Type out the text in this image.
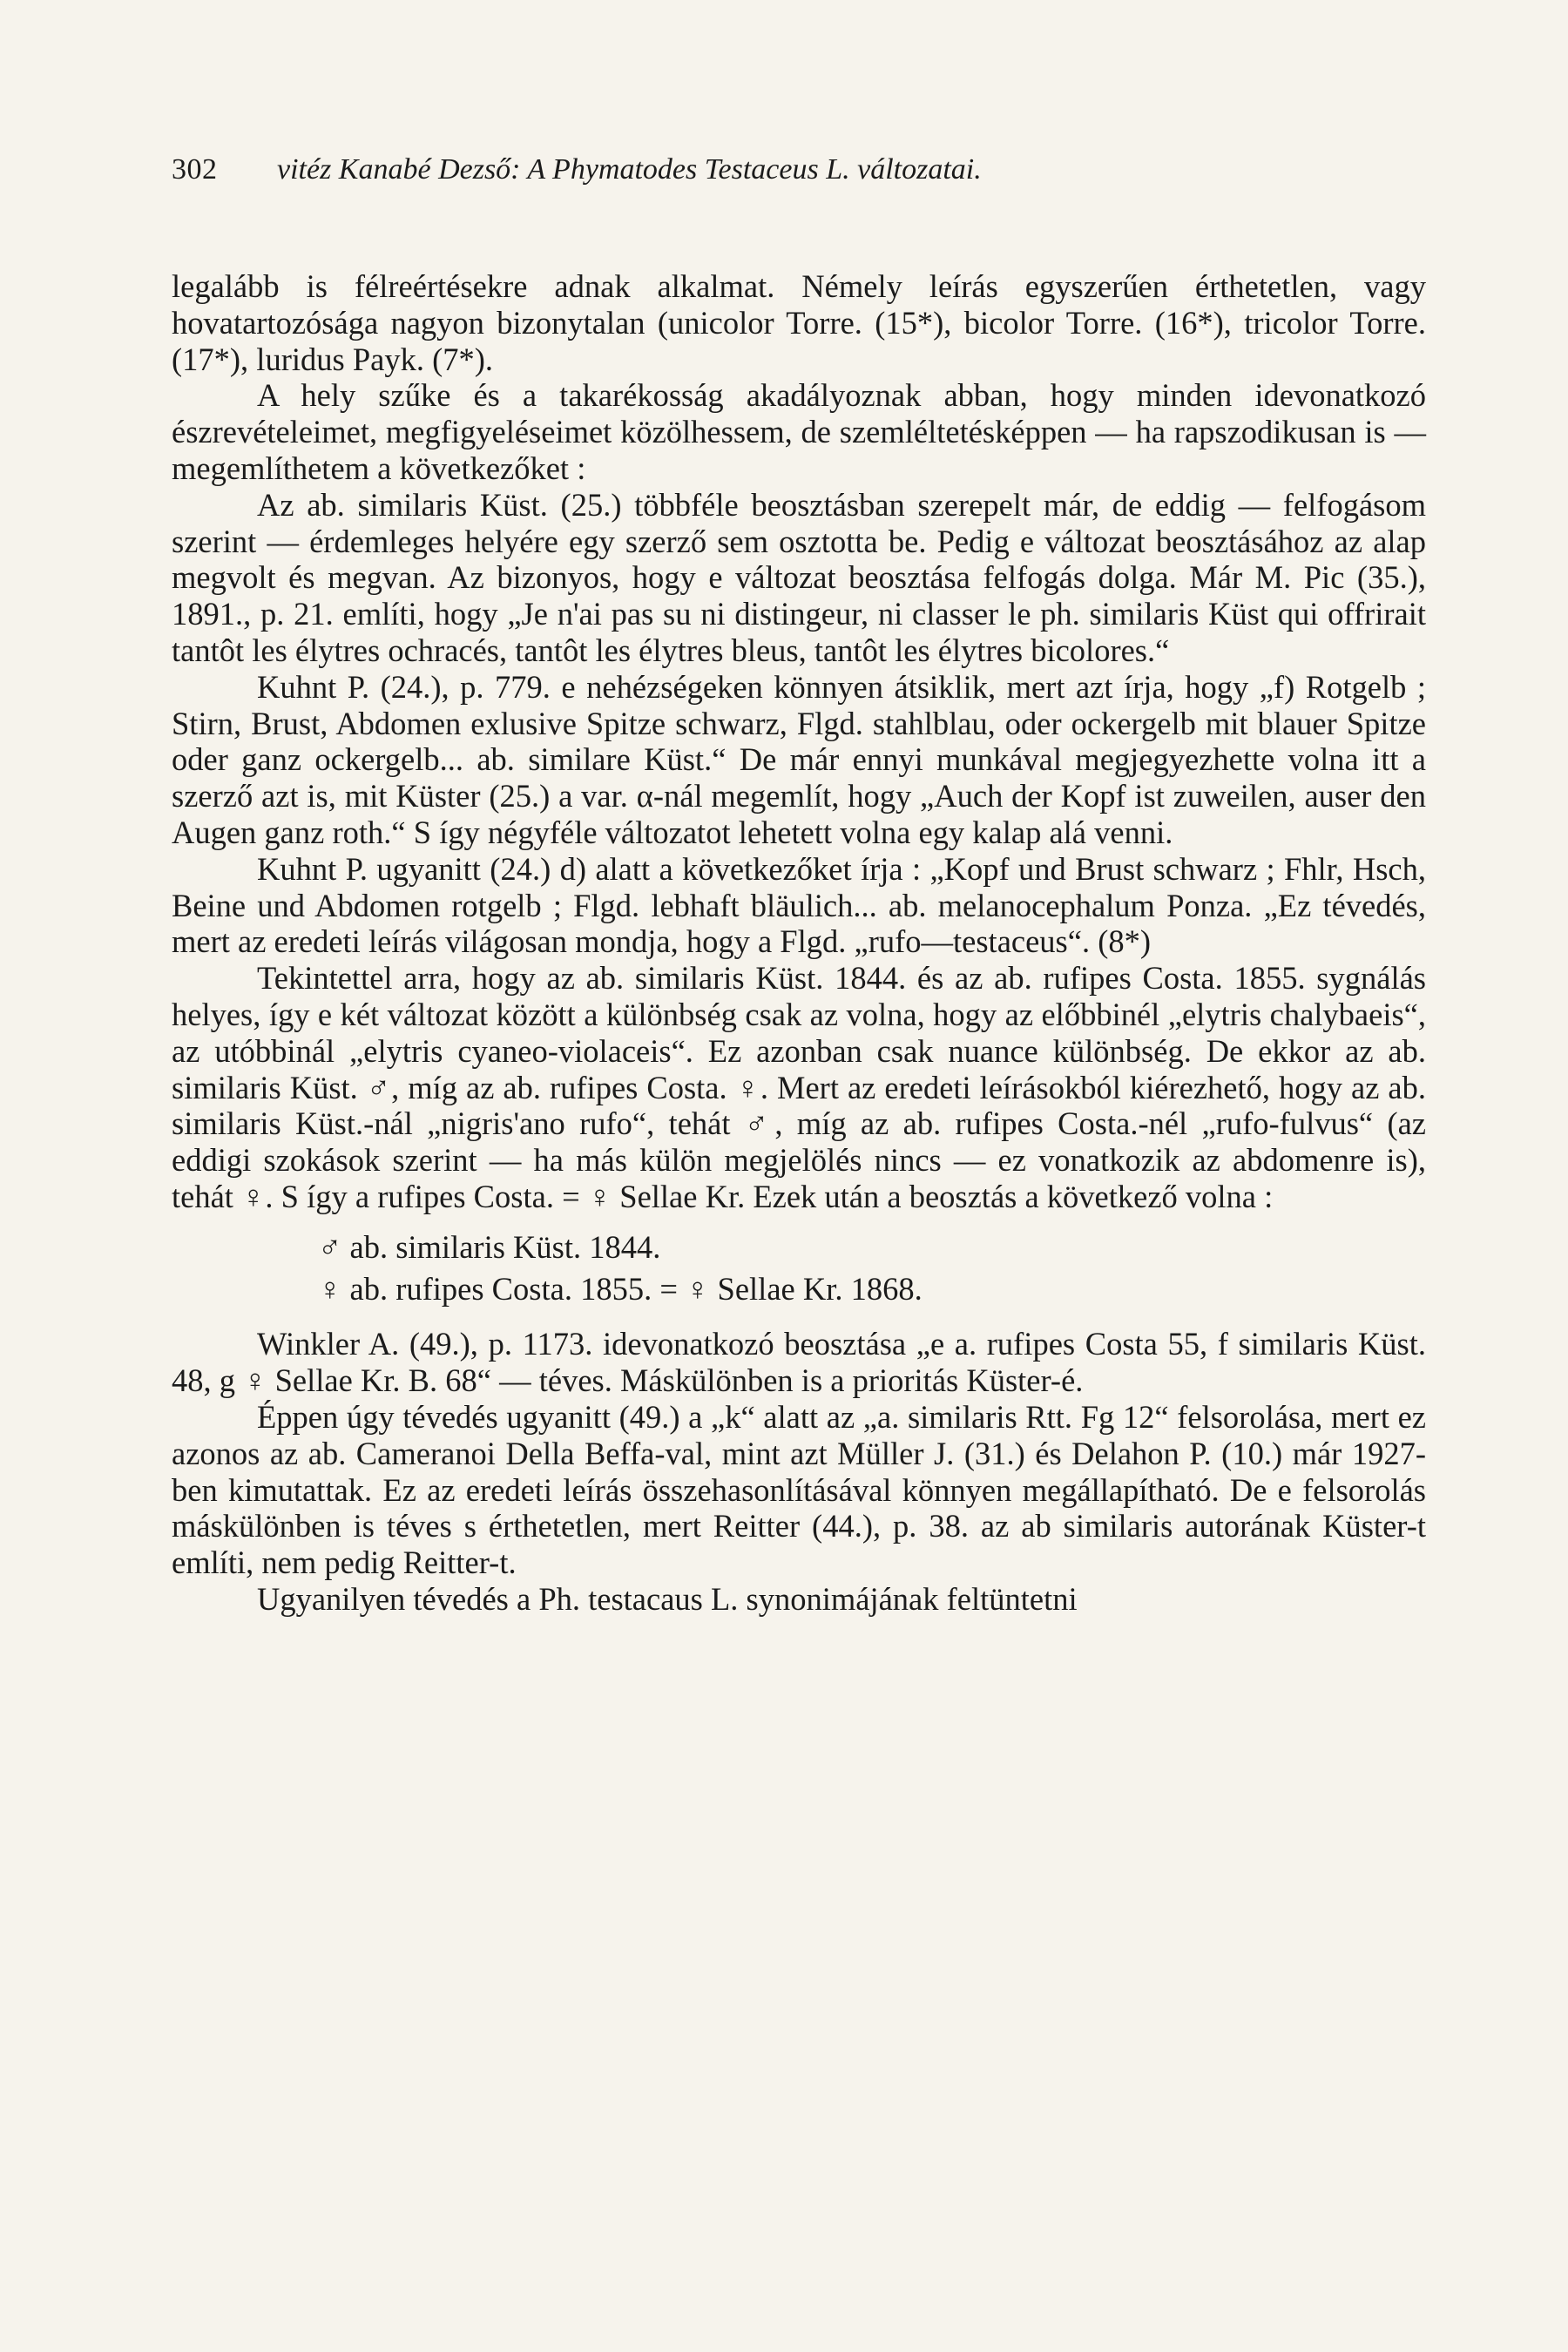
302 vitéz Kanabé Dezső: A Phymatodes Testaceus L. változatai.

legalább is félreértésekre adnak alkalmat. Némely leírás egyszerűen érthetetlen, vagy hovatartozósága nagyon bizonytalan (unicolor Torre. (15*), bicolor Torre. (16*), tricolor Torre. (17*), luridus Payk. (7*).

A hely szűke és a takarékosság akadályoznak abban, hogy minden idevonatkozó észrevételeimet, megfigyeléseimet közölhessem, de szemléltetésképpen — ha rapszodikusan is — megemlíthetem a következőket :

Az ab. similaris Küst. (25.) többféle beosztásban szerepelt már, de eddig — felfogásom szerint — érdemleges helyére egy szerző sem osztotta be. Pedig e változat beosztásához az alap megvolt és megvan. Az bizonyos, hogy e változat beosztása felfogás dolga. Már M. Pic (35.), 1891., p. 21. említi, hogy „Je n'ai pas su ni distingeur, ni classer le ph. similaris Küst qui offrirait tantôt les élytres ochracés, tantôt les élytres bleus, tantôt les élytres bicolores.“

Kuhnt P. (24.), p. 779. e nehézségeken könnyen átsiklik, mert azt írja, hogy „f) Rotgelb ; Stirn, Brust, Abdomen exlusive Spitze schwarz, Flgd. stahlblau, oder ockergelb mit blauer Spitze oder ganz ockergelb... ab. similare Küst.“ De már ennyi munkával megjegyezhette volna itt a szerző azt is, mit Küster (25.) a var. α-nál megemlít, hogy „Auch der Kopf ist zuweilen, auser den Augen ganz roth.“ S így négyféle változatot lehetett volna egy kalap alá venni.

Kuhnt P. ugyanitt (24.) d) alatt a következőket írja : „Kopf und Brust schwarz ; Fhlr, Hsch, Beine und Abdomen rotgelb ; Flgd. lebhaft bläulich... ab. melanocephalum Ponza. „Ez tévedés, mert az eredeti leírás világosan mondja, hogy a Flgd. „rufo—testaceus“. (8*)

Tekintettel arra, hogy az ab. similaris Küst. 1844. és az ab. rufipes Costa. 1855. sygnálás helyes, így e két változat között a különbség csak az volna, hogy az előbbinél „elytris chalybaeis“, az utóbbinál „elytris cyaneo-violaceis“. Ez azonban csak nuance különbség. De ekkor az ab. similaris Küst. ♂, míg az ab. rufipes Costa. ♀. Mert az eredeti leírásokból kiérezhető, hogy az ab. similaris Küst.-nál „nigris'ano rufo“, tehát ♂, míg az ab. rufipes Costa.-nél „rufo-fulvus“ (az eddigi szokások szerint — ha más külön megjelölés nincs — ez vonatkozik az abdomenre is), tehát ♀. S így a rufipes Costa. = ♀ Sellae Kr. Ezek után a beosztás a következő volna :

♂ ab. similaris Küst. 1844.

♀ ab. rufipes Costa. 1855. = ♀ Sellae Kr. 1868.

Winkler A. (49.), p. 1173. idevonatkozó beosztása „e a. rufipes Costa 55, f similaris Küst. 48, g ♀ Sellae Kr. B. 68“ — téves. Máskülönben is a prioritás Küster-é.

Éppen úgy tévedés ugyanitt (49.) a „k“ alatt az „a. similaris Rtt. Fg 12“ felsorolása, mert ez azonos az ab. Cameranoi Della Beffa-val, mint azt Müller J. (31.) és Delahon P. (10.) már 1927-ben kimutattak. Ez az eredeti leírás összehasonlításával könnyen megállapítható. De e felsorolás máskülönben is téves s érthetetlen, mert Reitter (44.), p. 38. az ab similaris autorának Küster-t említi, nem pedig Reitter-t.

Ugyanilyen tévedés a Ph. testacaus L. synonimájának feltüntetni
